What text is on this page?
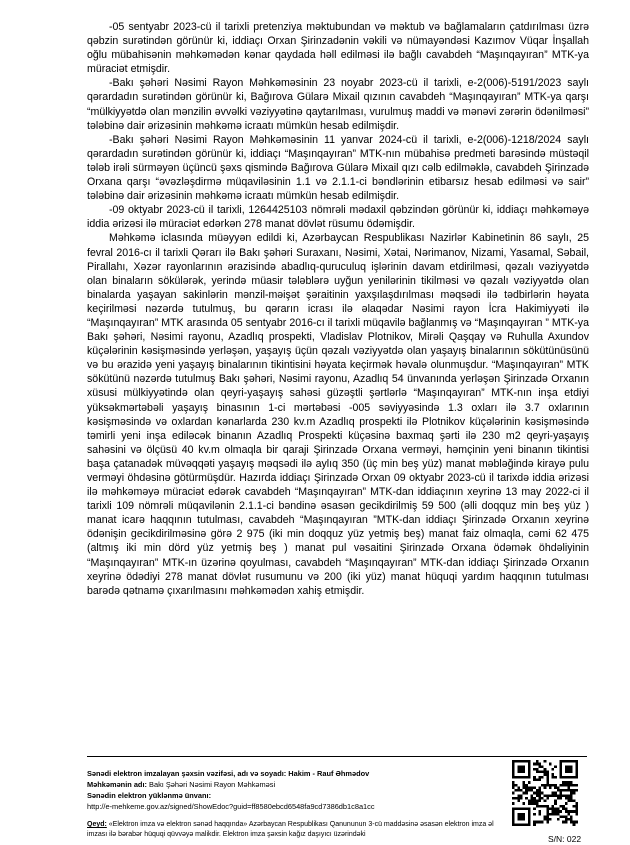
-05 sentyabr 2023-cü il tarixli pretenziya məktubundan və məktub və bağlamaların çatdırılması üzrə qəbzin surətindən görünür ki, iddiaçı Orxan Şirinzadənin vəkili və nümayəndəsi Kazımov Vüqar İnşallah oğlu mübahisənin məhkəmədən kənar qaydada həll edilməsi ilə bağlı cavabdeh “Maşınqayıran” MTK-ya müraciət etmişdir.

-Bakı şəhəri Nəsimi Rayon Məhkəməsinin 23 noyabr 2023-cü il tarixli, e-2(006)-5191/2023 saylı qərardadın surətindən görünür ki, Bağırova Gülarə Mixail qızının cavabdeh “Maşınqayıran” MTK-ya qarşı “mülkiyyətdə olan mənzilin əvvəlki vəziyyətinə qaytarılması, vurulmuş maddi və mənəvi zərərin ödənilməsi” tələbinə dair ərizəsinin məhkəmə icraatı mümkün hesab edilmişdir.

-Bakı şəhəri Nəsimi Rayon Məhkəməsinin 11 yanvar 2024-cü il tarixli, e-2(006)-1218/2024 saylı qərardadın surətindən görünür ki, iddiaçı “Maşınqayıran” MTK-nın mübahisə predmeti barəsində müstəqil tələb irəli sürməyən üçüncü şəxs qismində Bağırova Gülarə Mixail qızı cəlb edilməklə, cavabdeh Şirinzadə Orxana qarşı “əvəzləşdirmə müqaviləsinin 1.1 və 2.1.1-ci bəndlərinin etibarsız hesab edilməsi və sair” tələbinə dair ərizəsinin məhkəmə icraatı mümkün hesab edilmişdir.

-09 oktyabr 2023-cü il tarixli, 1264425103 nömrəli mədaxil qəbzindən görünür ki, iddiaçı məhkəməyə iddia ərizəsi ilə müraciət edərkən 278 manat dövlət rüsumu ödəmişdir.

Məhkəmə iclasında müəyyən edildi ki, Azərbaycan Respublikası Nazirlər Kabinetinin 86 saylı, 25 fevral 2016-cı il tarixli Qərarı ilə Bakı şəhəri Suraxanı, Nəsimi, Xətai, Nərimanov, Nizami, Yasamal, Səbail, Pirallahı, Xəzər rayonlarının ərazisində abadlıq-quruculuq işlərinin davam etdirilməsi, qəzalı vəziyyətdə olan binaların sökülərək, yerində müasir tələblərə uyğun yenilərinin tikilməsi və qəzalı vəziyyətdə olan binalarda yaşayan sakinlərin mənzil-məişət şəraitinin yaxşılaşdırılması məqsədi ilə tədbirlərin həyata keçirilməsi nəzərdə tutulmuş, bu qərarın icrası ilə əlaqədar Nəsimi rayon İcra Hakimiyyəti ilə “Maşınqayıran” MTK arasında 05 sentyabr 2016-cı il tarixli müqavilə bağlanmış və “Maşınqayıran ” MTK-ya Bakı şəhəri, Nəsimi rayonu, Azadlıq prospekti, Vladislav Plotnikov, Mirəli Qaşqay və Ruhulla Axundov küçələrinin kəsişməsində yerləşən, yaşayış üçün qəzalı vəziyyətdə olan yaşayış binalarının sökütünüsünü və bu ərazidə yeni yaşayış binalarının tikintisini həyata keçirmək həvalə olunmuşdur. “Maşınqayıran” MTK sökütünü nəzərdə tutulmuş Bakı şəhəri, Nəsimi rayonu, Azadlıq 54 ünvanında yerləşən Şirinzadə Orxanın xüsusi mülkiyyətində olan qeyri-yaşayış sahəsi güzəştli şərtlərlə “Maşınqayıran” MTK-nın inşa etdiyi yüksəkmərtəbəli yaşayış binasının 1-ci mərtəbəsi -005 səviyyəsində 1.3 oxları ilə 3.7 oxlarının kəsişməsində və oxlardan kənarlarda 230 kv.m Azadlıq prospekti ilə Plotnikov küçələrinin kəsişməsində təmirli yeni inşa ediləcək binanın Azadlıq Prospekti küçəsinə baxmaq şərti ilə 230 m2 qeyri-yaşayış sahəsini və ölçüsü 40 kv.m olmaqla bir qaraji Şirinzadə Orxana verməyi, həmçinin yeni binanın tikintisi başa çatanadək müvəqqəti yaşayış məqsədi ilə aylıq 350 (üç min beş yüz) manat məbləğində kirayə pulu verməyi öhdəsinə götürmüşdür. Hazırda iddiaçı Şirinzadə Orxan 09 oktyabr 2023-cü il tarixdə iddia ərizəsi ilə məhkəməyə müraciət edərək cavabdeh “Maşınqayıran” MTK-dan iddiaçının xeyrinə 13 may 2022-ci il tarixli 109 nömrəli müqavilənin 2.1.1-ci bəndinə əsasən gecikdirilmiş 59 500 (əlli doqquz min beş yüz ) manat icarə haqqının tutulması, cavabdeh “Maşınqayıran ”MTK-dan iddiaçı Şirinzadə Orxanın xeyrinə ödənişin gecikdirilməsinə görə 2 975 (iki min doqquz yüz yetmiş beş) manat faiz olmaqla, cəmi 62 475 (altmış iki min dörd yüz yetmiş beş ) manat pul vəsaitini Şirinzadə Orxana ödəmək öhdəliyinin “Maşınqayıran” MTK-ın üzərinə qoyulması, cavabdeh “Maşınqayıran” MTK-dan iddiaçı Şirinzadə Orxanın xeyrinə ödədiyi 278 manat dövlət rusumunu və 200 (iki yüz) manat hüquqi yardım haqqının tutulması barədə qətnamə çıxarılmasını məhkəmədən xahiş etmişdir.

Sənədi elektron imzalayan şəxsin vəzifəsi, adı və soyadı: Hakim - Rauf Əhmədov
Məhkəmənin adı: Bakı Şəhəri Nəsimi Rayon Məhkəməsi
Sənədin elektron yüklənmə ünvanı:
http://e-mehkeme.gov.az/signed/ShowEdoc?guid=ff8580ebcd6548fa9cd7386db1c8a1cc
Qeyd: «Elektron imza və elektron sənəd haqqında» Azərbaycan Respublikası Qanununun 3-cü maddəsinə əsasən elektron imza əl imzası ilə bərabər hüquqi qüvvəyə malikdir. Elektron imza şəxsin kağız daşıyıcı üzərindəki	S/N: 022
